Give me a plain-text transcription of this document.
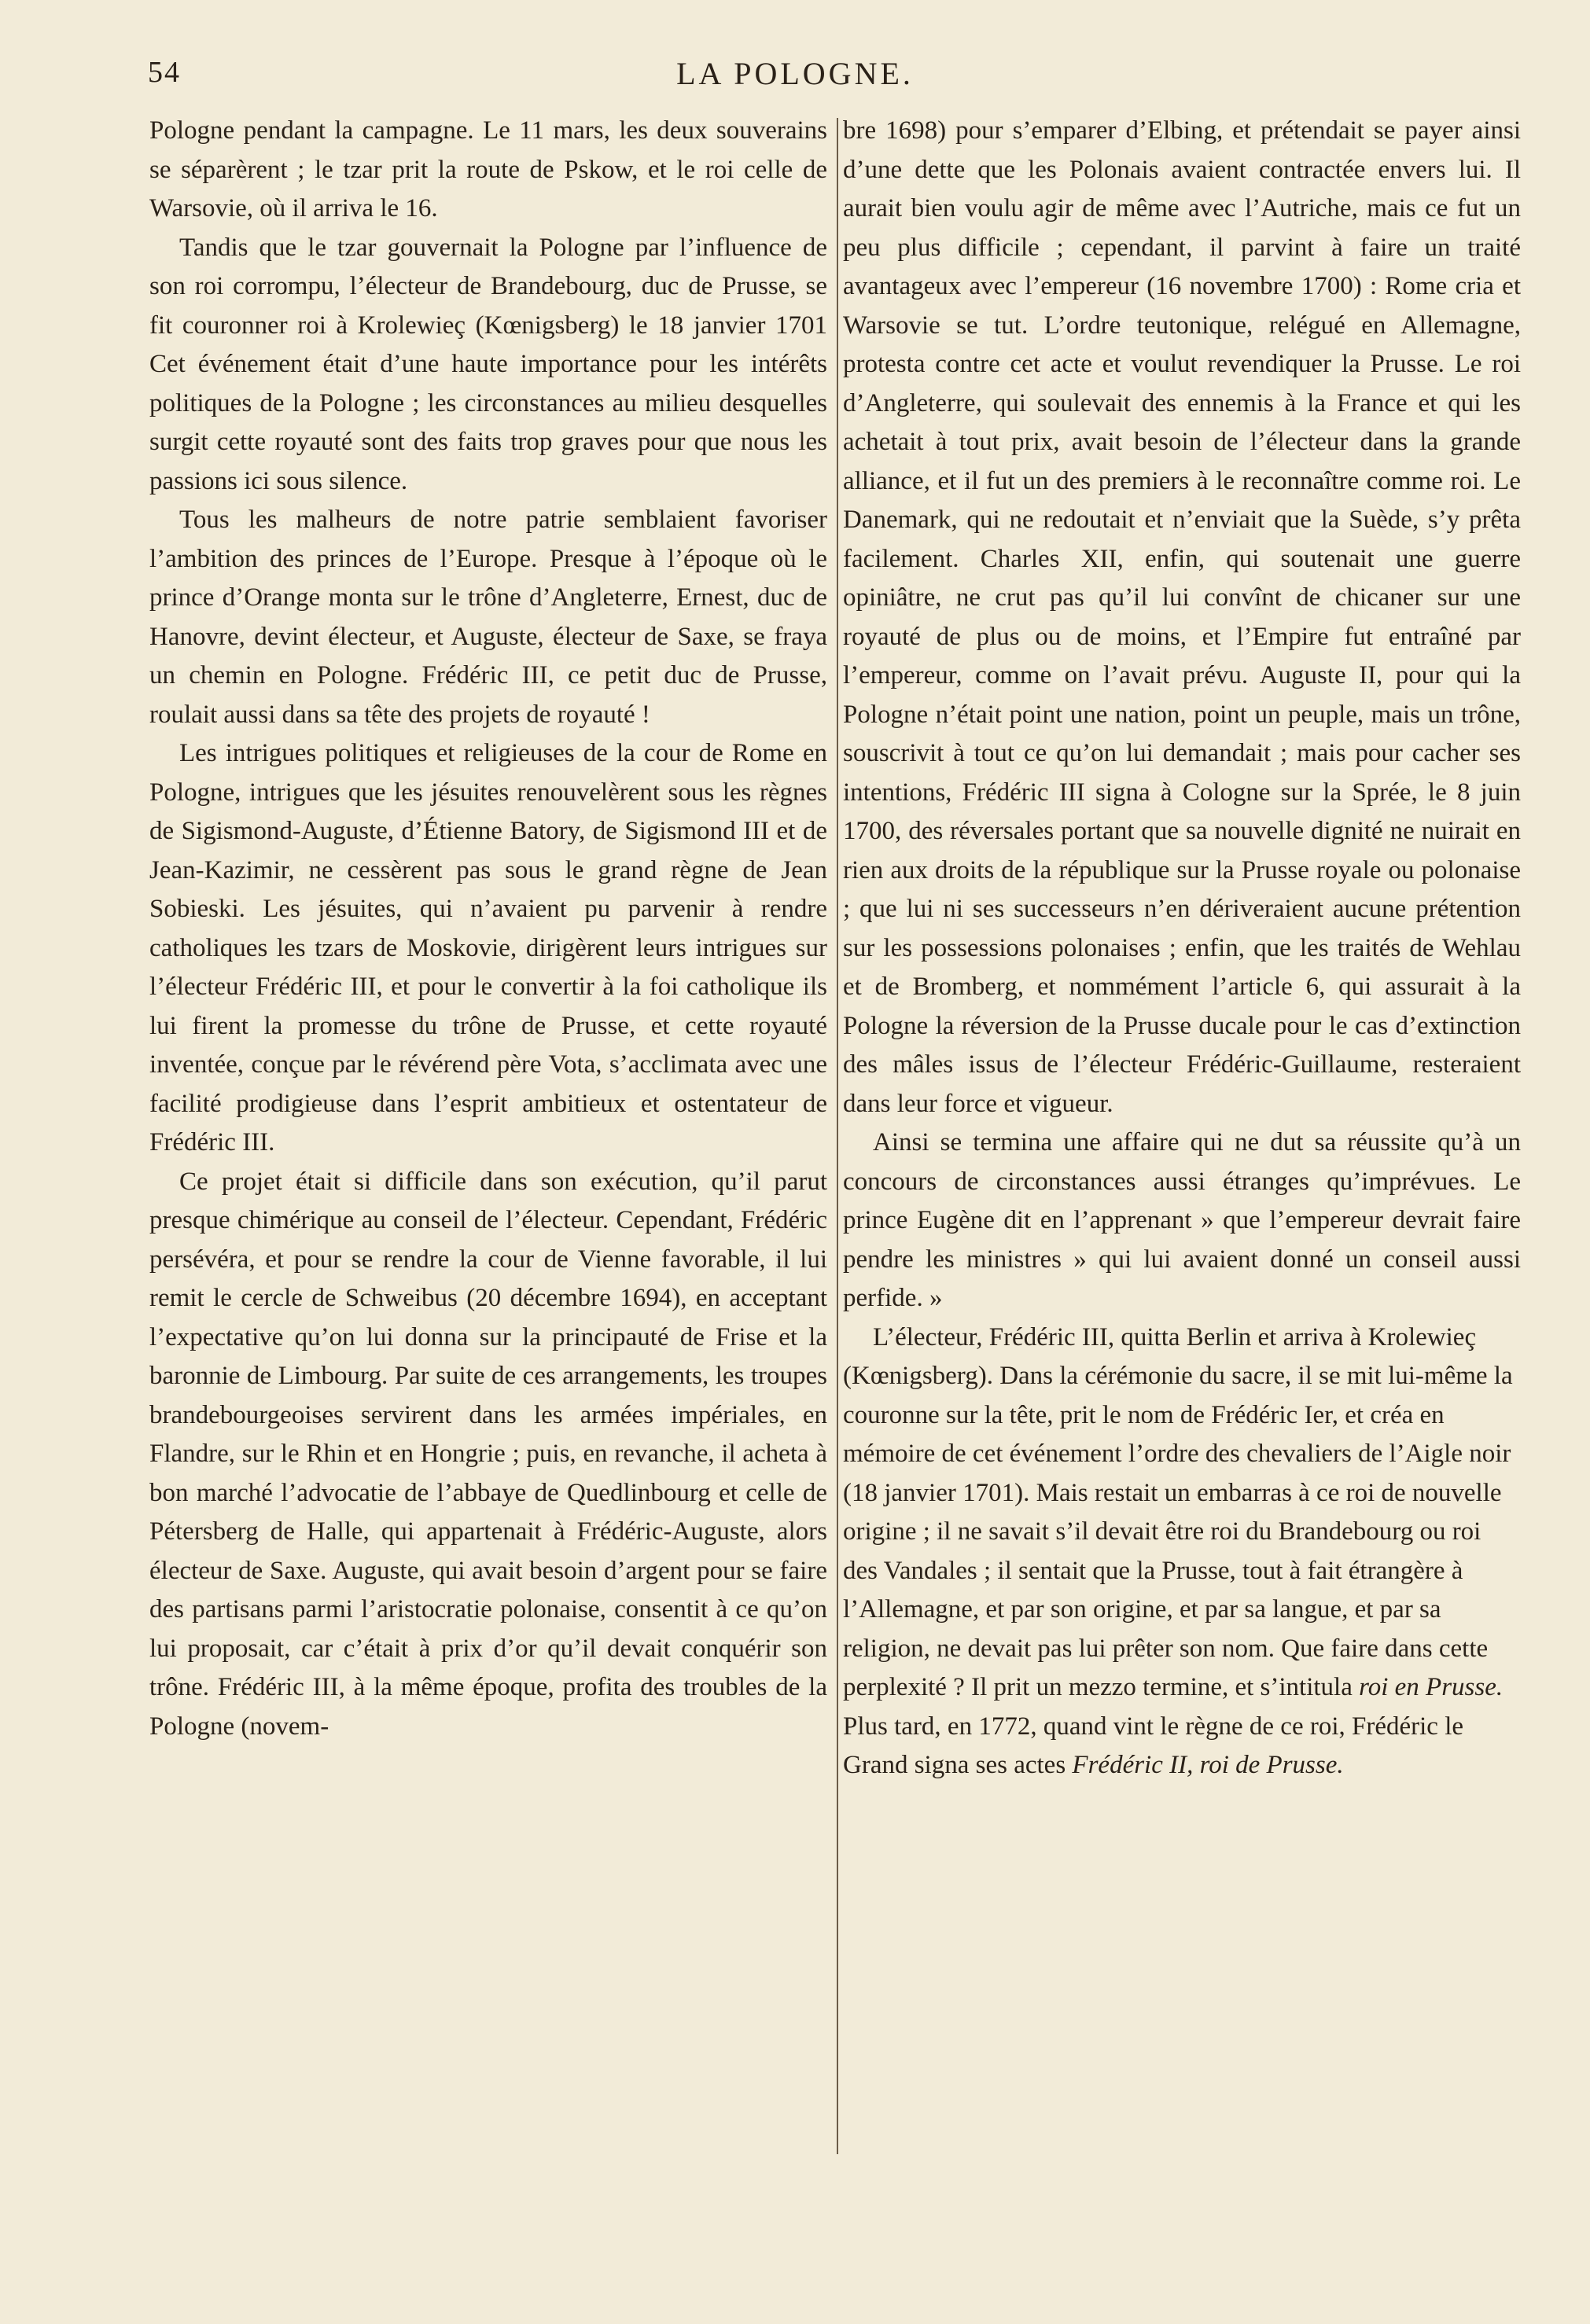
54	LA POLOGNE.

Pologne pendant la campagne. Le 11 mars, les deux souverains se séparèrent ; le tzar prit la route de Pskow, et le roi celle de Warsovie, où il arriva le 16.

Tandis que le tzar gouvernait la Pologne par l’influence de son roi corrompu, l’électeur de Brandebourg, duc de Prusse, se fit couronner roi à Krolewieç (Kœnigsberg) le 18 janvier 1701 Cet événement était d’une haute importance pour les intérêts politiques de la Pologne ; les circonstances au milieu desquelles surgit cette royauté sont des faits trop graves pour que nous les passions ici sous silence.

Tous les malheurs de notre patrie semblaient favoriser l’ambition des princes de l’Europe. Presque à l’époque où le prince d’Orange monta sur le trône d’Angleterre, Ernest, duc de Hanovre, devint électeur, et Auguste, électeur de Saxe, se fraya un chemin en Pologne. Frédéric III, ce petit duc de Prusse, roulait aussi dans sa tête des projets de royauté !

Les intrigues politiques et religieuses de la cour de Rome en Pologne, intrigues que les jésuites renouvelèrent sous les règnes de Sigismond-Auguste, d’Étienne Batory, de Sigismond III et de Jean-Kazimir, ne cessèrent pas sous le grand règne de Jean Sobieski. Les jésuites, qui n’avaient pu parvenir à rendre catholiques les tzars de Moskovie, dirigèrent leurs intrigues sur l’électeur Frédéric III, et pour le convertir à la foi catholique ils lui firent la promesse du trône de Prusse, et cette royauté inventée, conçue par le révérend père Vota, s’acclimata avec une facilité prodigieuse dans l’esprit ambitieux et ostentateur de Frédéric III.

Ce projet était si difficile dans son exécution, qu’il parut presque chimérique au conseil de l’électeur. Cependant, Frédéric persévéra, et pour se rendre la cour de Vienne favorable, il lui remit le cercle de Schweibus (20 décembre 1694), en acceptant l’expectative qu’on lui donna sur la principauté de Frise et la baronnie de Limbourg. Par suite de ces arrangements, les troupes brandebourgeoises servirent dans les armées impériales, en Flandre, sur le Rhin et en Hongrie ; puis, en revanche, il acheta à bon marché l’advocatie de l’abbaye de Quedlinbourg et celle de Pétersberg de Halle, qui appartenait à Frédéric-Auguste, alors électeur de Saxe. Auguste, qui avait besoin d’argent pour se faire des partisans parmi l’aristocratie polonaise, consentit à ce qu’on lui proposait, car c’était à prix d’or qu’il devait conquérir son trône. Frédéric III, à la même époque, profita des troubles de la Pologne (novem-

bre 1698) pour s’emparer d’Elbing, et prétendait se payer ainsi d’une dette que les Polonais avaient contractée envers lui. Il aurait bien voulu agir de même avec l’Autriche, mais ce fut un peu plus difficile ; cependant, il parvint à faire un traité avantageux avec l’empereur (16 novembre 1700) : Rome cria et Warsovie se tut. L’ordre teutonique, relégué en Allemagne, protesta contre cet acte et voulut revendiquer la Prusse. Le roi d’Angleterre, qui soulevait des ennemis à la France et qui les achetait à tout prix, avait besoin de l’électeur dans la grande alliance, et il fut un des premiers à le reconnaître comme roi. Le Danemark, qui ne redoutait et n’enviait que la Suède, s’y prêta facilement. Charles XII, enfin, qui soutenait une guerre opiniâtre, ne crut pas qu’il lui convînt de chicaner sur une royauté de plus ou de moins, et l’Empire fut entraîné par l’empereur, comme on l’avait prévu. Auguste II, pour qui la Pologne n’était point une nation, point un peuple, mais un trône, souscrivit à tout ce qu’on lui demandait ; mais pour cacher ses intentions, Frédéric III signa à Cologne sur la Sprée, le 8 juin 1700, des réversales portant que sa nouvelle dignité ne nuirait en rien aux droits de la république sur la Prusse royale ou polonaise ; que lui ni ses successeurs n’en dériveraient aucune prétention sur les possessions polonaises ; enfin, que les traités de Wehlau et de Bromberg, et nommément l’article 6, qui assurait à la Pologne la réversion de la Prusse ducale pour le cas d’extinction des mâles issus de l’électeur Frédéric-Guillaume, resteraient dans leur force et vigueur.

Ainsi se termina une affaire qui ne dut sa réussite qu’à un concours de circonstances aussi étranges qu’imprévues. Le prince Eugène dit en l’apprenant » que l’empereur devrait faire pendre les ministres » qui lui avaient donné un conseil aussi perfide. »

L’électeur, Frédéric III, quitta Berlin et arriva à Krolewieç (Kœnigsberg). Dans la cérémonie du sacre, il se mit lui-même la couronne sur la tête, prit le nom de Frédéric Ier, et créa en mémoire de cet événement l’ordre des chevaliers de l’Aigle noir (18 janvier 1701). Mais restait un embarras à ce roi de nouvelle origine ; il ne savait s’il devait être roi du Brandebourg ou roi des Vandales ; il sentait que la Prusse, tout à fait étrangère à l’Allemagne, et par son origine, et par sa langue, et par sa religion, ne devait pas lui prêter son nom. Que faire dans cette perplexité ? Il prit un mezzo termine, et s’intitula roi en Prusse. Plus tard, en 1772, quand vint le règne de ce roi, Frédéric le Grand signa ses actes Frédéric II, roi de Prusse.
